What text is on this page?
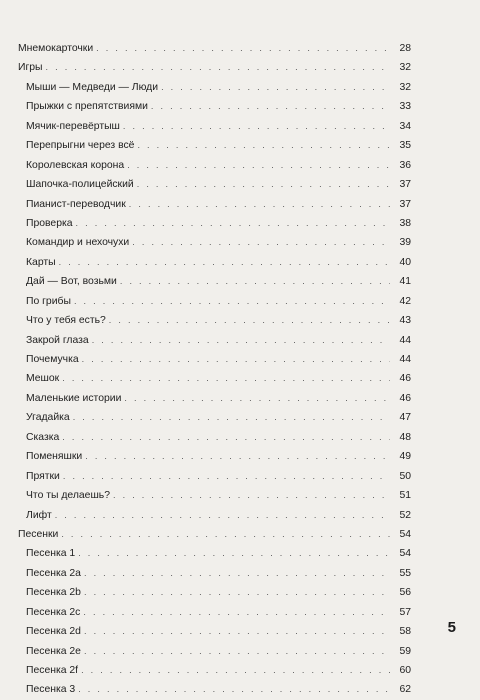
Мнемокарточки . . .	28
Игры . . .	32
Мыши — Медведи — Люди . . .	32
Прыжки с препятствиями . . .	33
Мячик-перевёртыш . . .	34
Перепрыгни через всё . . .	35
Королевская корона . . .	36
Шапочка-полицейский . . .	37
Пианист-переводчик . . .	37
Проверка . . .	38
Командир и нехочухи . . .	39
Карты . . .	40
Дай — Вот, возьми . . .	41
По грибы . . .	42
Что у тебя есть? . . .	43
Закрой глаза . . .	44
Почемучка . . .	44
Мешок . . .	46
Маленькие истории . . .	46
Угадайка . . .	47
Сказка . . .	48
Поменяшки . . .	49
Прятки . . .	50
Что ты делаешь? . . .	51
Лифт . . .	52
Песенки . . .	54
Песенка 1 . . .	54
Песенка 2a . . .	55
Песенка 2b . . .	56
Песенка 2c . . .	57
Песенка 2d . . .	58
Песенка 2e . . .	59
Песенка 2f . . .	60
Песенка 3 . . .	62
5
